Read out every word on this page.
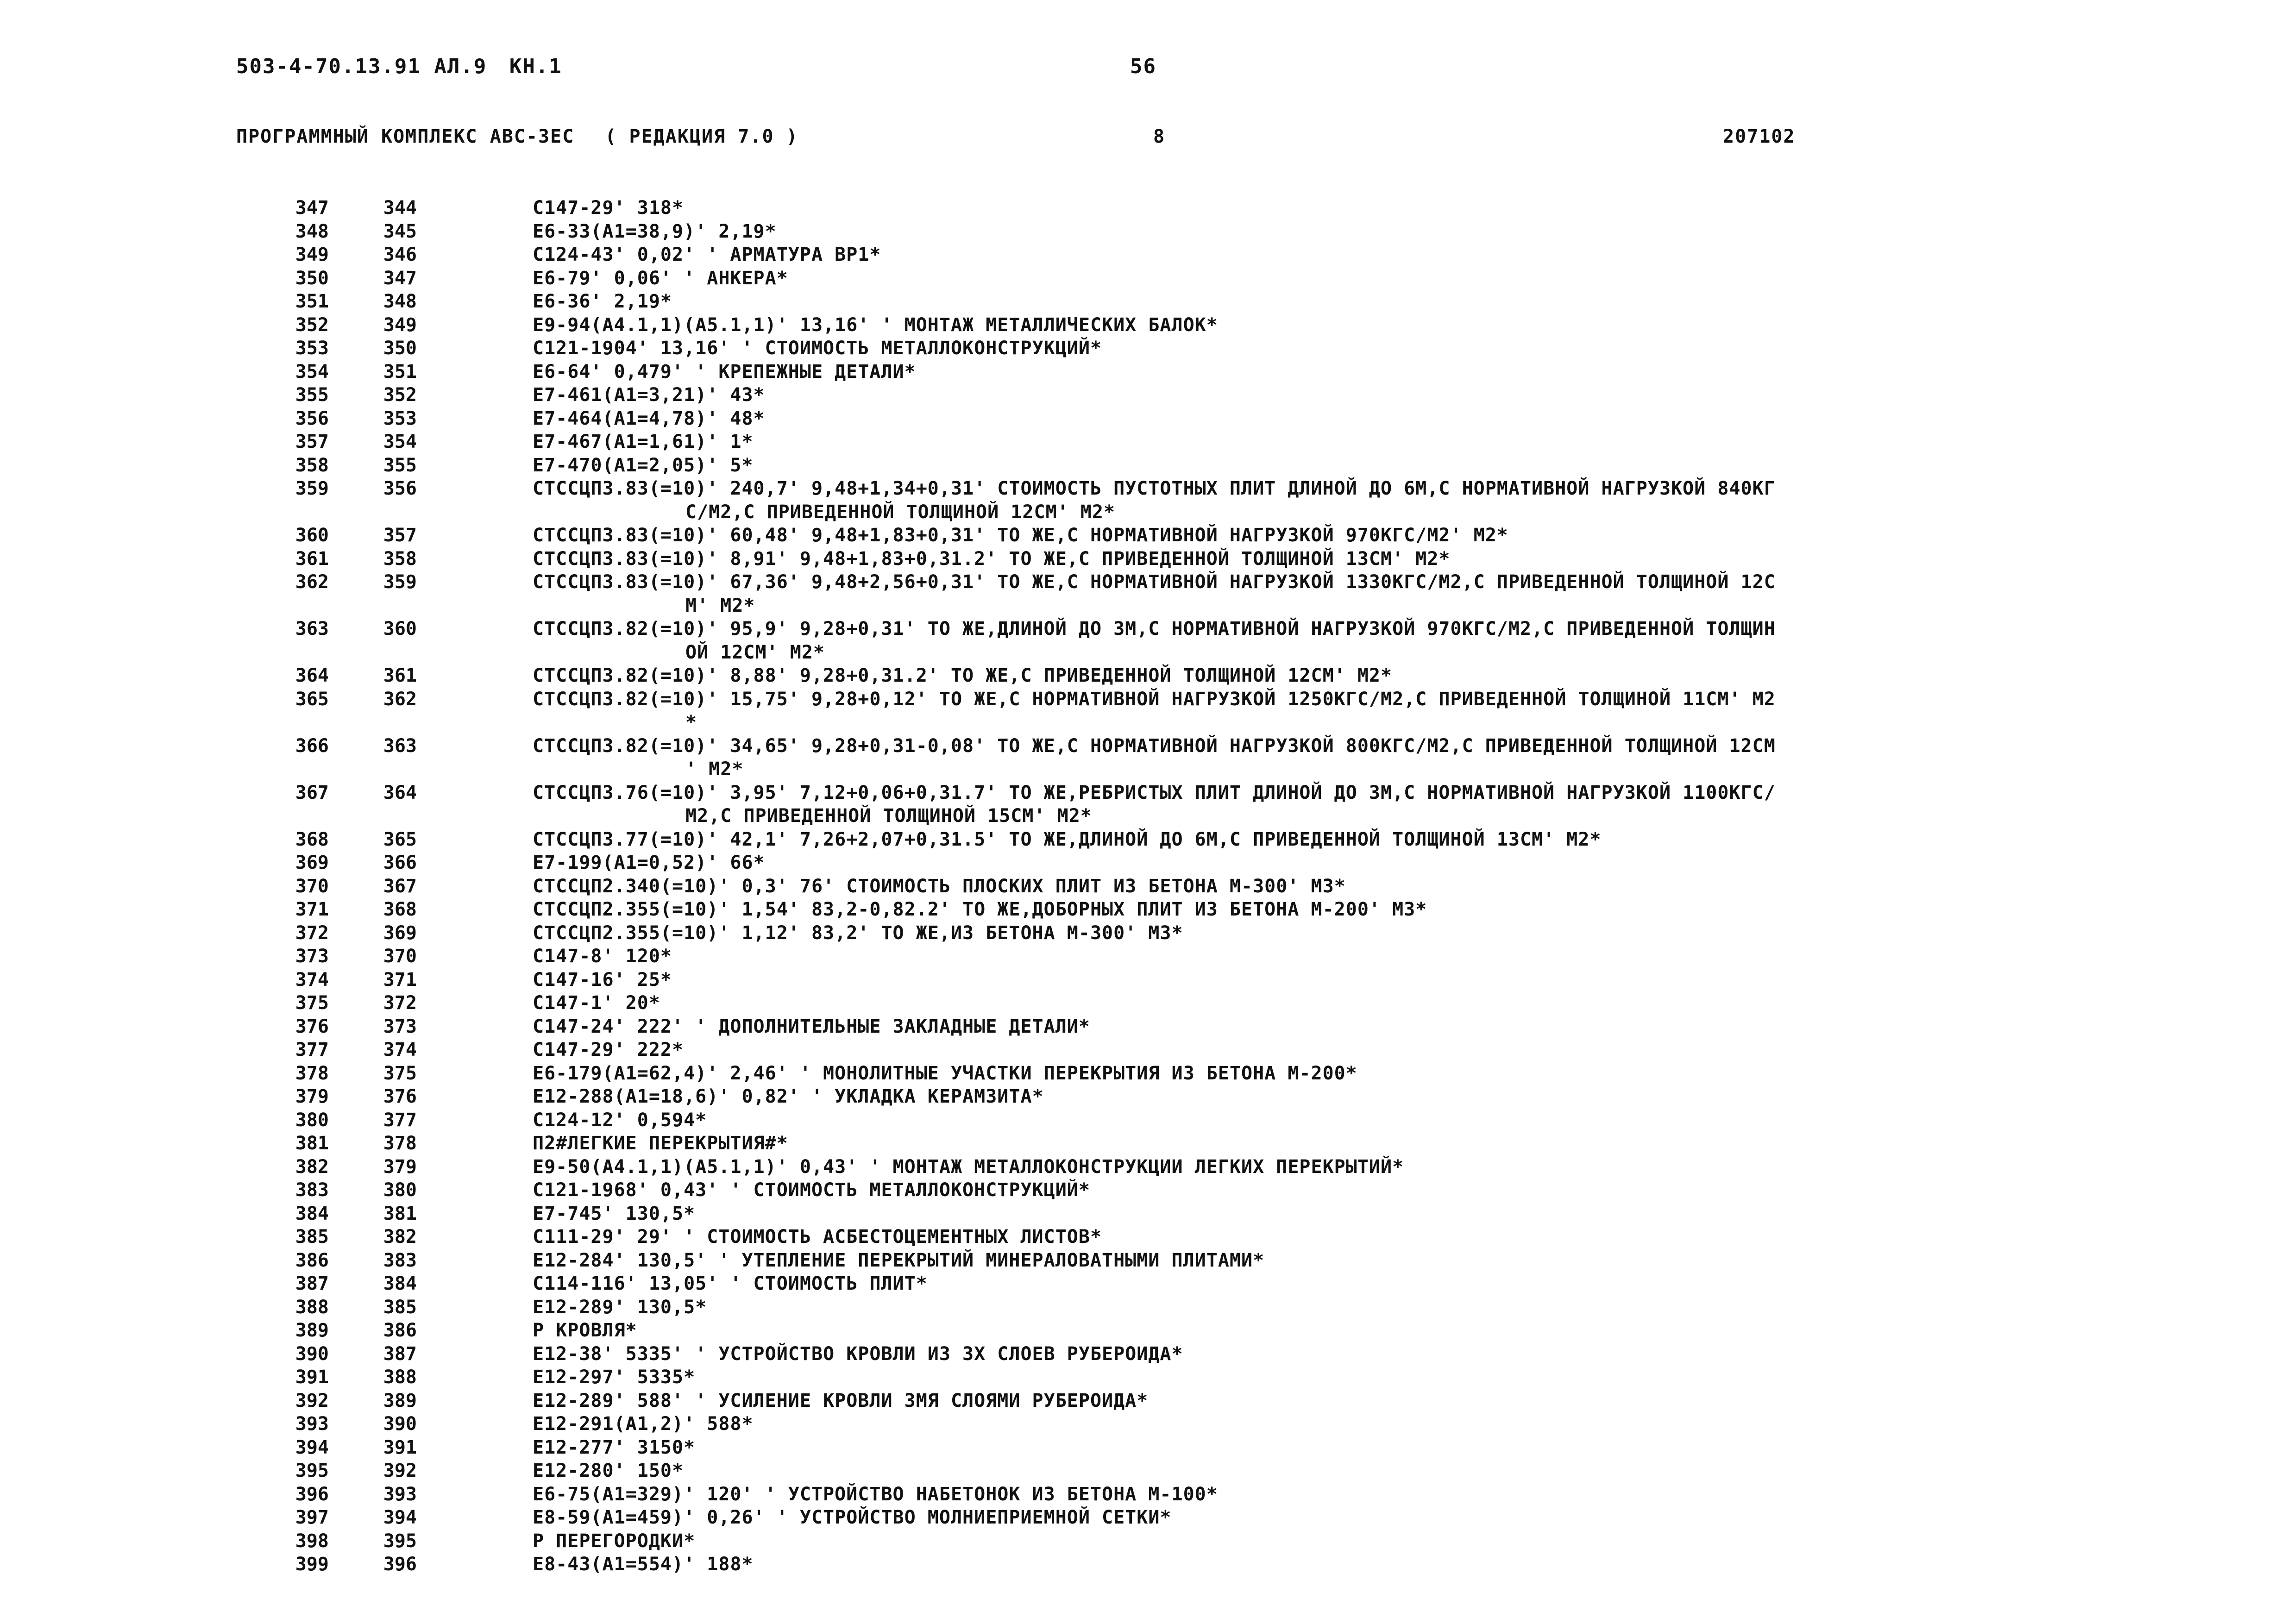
503-4-70.13.91 АЛ.9 КН.1	56
ПРОГРАММНЫЙ КОМПЛЕКС АВС-3ЕС ( РЕДАКЦИЯ 7.0 )	8	207102
347	344	C147-29' 318*
348	345	E6-33(A1=38,9)' 2,19*
349	346	C124-43' 0,02' ' АРМАТУРА ВР1*
350	347	E6-79' 0,06' ' АНКЕРА*
351	348	E6-36' 2,19*
352	349	E9-94(A4.1,1)(A5.1,1)' 13,16' ' МОНТАЖ МЕТАЛЛИЧЕСКИХ БАЛОК*
353	350	C121-1904' 13,16' ' СТОИМОСТЬ МЕТАЛЛОКОНСТРУКЦИЙ*
354	351	E6-64' 0,479' ' КРЕПЕЖНЫЕ ДЕТАЛИ*
355	352	E7-461(A1=3,21)' 43*
356	353	E7-464(A1=4,78)' 48*
357	354	E7-467(A1=1,61)' 1*
358	355	E7-470(A1=2,05)' 5*
359	356	CTCCЦП3.83(=10)' 240,7' 9,48+1,34+0,31' СТОИМОСТЬ ПУСТОТНЫХ ПЛИТ ДЛИНОЙ ДО 6М,С НОРМАТИВНОЙ НАГРУЗКОЙ 840КГ
С/М2,С ПРИВЕДЕННОЙ ТОЛЩИНОЙ 12СМ' М2*
360	357	CTCCЦП3.83(=10)' 60,48' 9,48+1,83+0,31' ТО ЖЕ,С НОРМАТИВНОЙ НАГРУЗКОЙ 970КГС/М2' М2*
361	358	CTCCЦП3.83(=10)' 8,91' 9,48+1,83+0,31.2' ТО ЖЕ,С ПРИВЕДЕННОЙ ТОЛЩИНОЙ 13СМ' М2*
362	359	CTCCЦП3.83(=10)' 67,36' 9,48+2,56+0,31' ТО ЖЕ,С НОРМАТИВНОЙ НАГРУЗКОЙ 1330КГС/М2,С ПРИВЕДЕННОЙ ТОЛЩИНОЙ 12С
М' М2*
363	360	CTCCЦП3.82(=10)' 95,9' 9,28+0,31' ТО ЖЕ,ДЛИНОЙ ДО 3М,С НОРМАТИВНОЙ НАГРУЗКОЙ 970КГС/М2,С ПРИВЕДЕННОЙ ТОЛЩИН
ОЙ 12СМ' М2*
364	361	CTCCЦП3.82(=10)' 8,88' 9,28+0,31.2' ТО ЖЕ,С ПРИВЕДЕННОЙ ТОЛЩИНОЙ 12СМ' М2*
365	362	CTCCЦП3.82(=10)' 15,75' 9,28+0,12' ТО ЖЕ,С НОРМАТИВНОЙ НАГРУЗКОЙ 1250КГС/М2,С ПРИВЕДЕННОЙ ТОЛЩИНОЙ 11СМ' М2
*
366	363	CTCCЦП3.82(=10)' 34,65' 9,28+0,31-0,08' ТО ЖЕ,С НОРМАТИВНОЙ НАГРУЗКОЙ 800КГС/М2,С ПРИВЕДЕННОЙ ТОЛЩИНОЙ 12СМ
' М2*
367	364	CTCCЦП3.76(=10)' 3,95' 7,12+0,06+0,31.7' ТО ЖЕ,РЕБРИСТЫХ ПЛИТ ДЛИНОЙ ДО 3М,С НОРМАТИВНОЙ НАГРУЗКОЙ 1100КГС/
М2,С ПРИВЕДЕННОЙ ТОЛЩИНОЙ 15СМ' М2*
368	365	CTCCЦП3.77(=10)' 42,1' 7,26+2,07+0,31.5' ТО ЖЕ,ДЛИНОЙ ДО 6М,С ПРИВЕДЕННОЙ ТОЛЩИНОЙ 13СМ' М2*
369	366	E7-199(A1=0,52)' 66*
370	367	CTCCЦП2.340(=10)' 0,3' 76' СТОИМОСТЬ ПЛОСКИХ ПЛИТ ИЗ БЕТОНА М-300' М3*
371	368	CTCCЦП2.355(=10)' 1,54' 83,2-0,82.2' ТО ЖЕ,ДОБОРНЫХ ПЛИТ ИЗ БЕТОНА М-200' М3*
372	369	CTCCЦП2.355(=10)' 1,12' 83,2' ТО ЖЕ,ИЗ БЕТОНА М-300' М3*
373	370	C147-8' 120*
374	371	C147-16' 25*
375	372	C147-1' 20*
376	373	C147-24' 222' ' ДОПОЛНИТЕЛЬНЫЕ ЗАКЛАДНЫЕ ДЕТАЛИ*
377	374	C147-29' 222*
378	375	E6-179(A1=62,4)' 2,46' ' МОНОЛИТНЫЕ УЧАСТКИ ПЕРЕКРЫТИЯ ИЗ БЕТОНА М-200*
379	376	E12-288(A1=18,6)' 0,82' ' УКЛАДКА КЕРАМЗИТА*
380	377	C124-12' 0,594*
381	378	П2#ЛЕГКИЕ ПЕРЕКРЫТИЯ#*
382	379	E9-50(A4.1,1)(A5.1,1)' 0,43' ' МОНТАЖ МЕТАЛЛОКОНСТРУКЦИИ ЛЕГКИХ ПЕРЕКРЫТИЙ*
383	380	C121-1968' 0,43' ' СТОИМОСТЬ МЕТАЛЛОКОНСТРУКЦИЙ*
384	381	E7-745' 130,5*
385	382	C111-29' 29' ' СТОИМОСТЬ АСБЕСТОЦЕМЕНТНЫХ ЛИСТОВ*
386	383	E12-284' 130,5' ' УТЕПЛЕНИЕ ПЕРЕКРЫТИЙ МИНЕРАЛОВАТНЫМИ ПЛИТАМИ*
387	384	C114-116' 13,05' ' СТОИМОСТЬ ПЛИТ*
388	385	E12-289' 130,5*
389	386	Р КРОВЛЯ*
390	387	E12-38' 5335' ' УСТРОЙСТВО КРОВЛИ ИЗ 3Х СЛОЕВ РУБЕРОИДА*
391	388	E12-297' 5335*
392	389	E12-289' 588' ' УСИЛЕНИЕ КРОВЛИ 3МЯ СЛОЯМИ РУБЕРОИДА*
393	390	E12-291(A1,2)' 588*
394	391	E12-277' 3150*
395	392	E12-280' 150*
396	393	E6-75(A1=329)' 120' ' УСТРОЙСТВО НАБЕТОНОК ИЗ БЕТОНА М-100*
397	394	E8-59(A1=459)' 0,26' ' УСТРОЙСТВО МОЛНИЕПРИЕМНОЙ СЕТКИ*
398	395	Р ПЕРЕГОРОДКИ*
399	396	E8-43(A1=554)' 188*
